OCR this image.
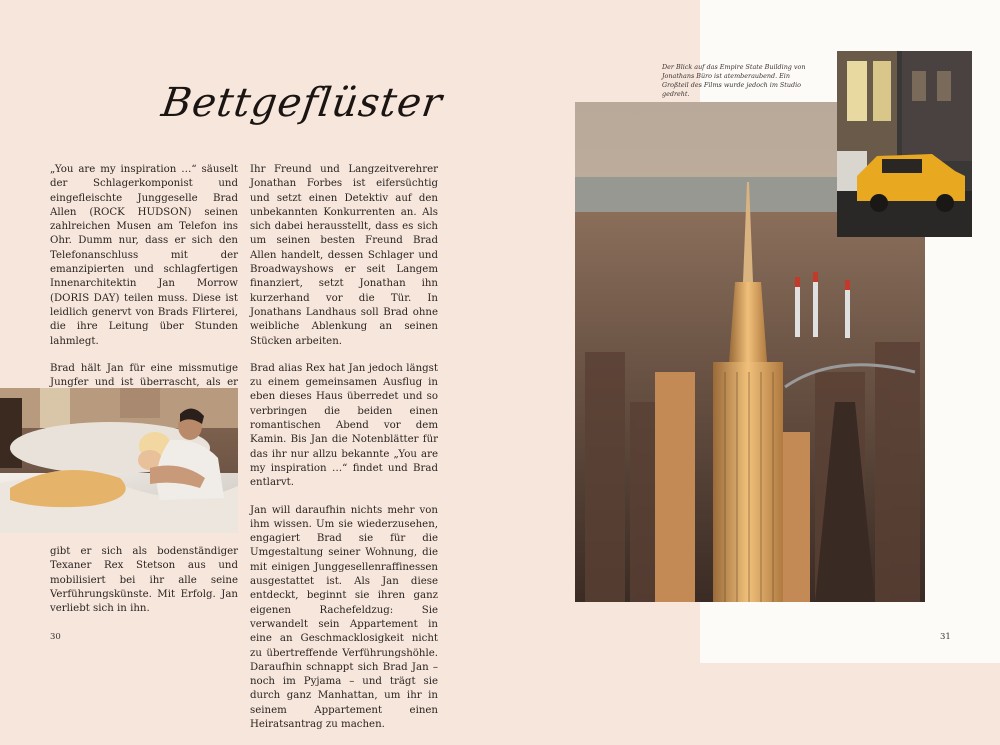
Bettgeflüster

„You are my inspiration …“ säuselt der Schlagerkomponist und eingefleischte Junggeselle Brad Allen (ROCK HUDSON) seinen zahlreichen Musen am Telefon ins Ohr. Dumm nur, dass er sich den Telefonanschluss mit der emanzipierten und schlagfertigen Innenarchitektin Jan Morrow (DORIS DAY) teilen muss. Diese ist leidlich genervt von Brads Flirterei, die ihre Leitung über Stunden lahmlegt.

Brad hält Jan für eine missmutige Jungfer und ist überrascht, als er

gibt er sich als bodenständiger Texaner Rex Stetson aus und mobilisiert bei ihr alle seine Verführungskünste. Mit Erfolg. Jan verliebt sich in ihn.

Ihr Freund und Langzeitverehrer Jonathan Forbes ist eifersüchtig und setzt einen Detektiv auf den unbekannten Konkurrenten an. Als sich dabei herausstellt, dass es sich um seinen besten Freund Brad Allen handelt, dessen Schlager und Broadwayshows er seit Langem finanziert, setzt Jonathan ihn kurzerhand vor die Tür. In Jonathans Landhaus soll Brad ohne weibliche Ablenkung an seinen Stücken arbeiten.

Brad alias Rex hat Jan jedoch längst zu einem gemeinsamen Ausflug in eben dieses Haus überredet und so verbringen die beiden einen romantischen Abend vor dem Kamin. Bis Jan die Notenblätter für das ihr nur allzu bekannte „You are my inspiration …“ findet und Brad entlarvt.

Jan will daraufhin nichts mehr von ihm wissen. Um sie wiederzusehen, engagiert Brad sie für die Umgestaltung seiner Wohnung, die mit einigen Junggesellenraffinessen ausgestattet ist. Als Jan diese entdeckt, beginnt sie ihren ganz eigenen Rachefeldzug: Sie verwandelt sein Appartement in eine an Geschmacklosigkeit nicht zu übertreffende Verführungshöhle. Daraufhin schnappt sich Brad Jan – noch im Pyjama – und trägt sie durch ganz Manhattan, um ihr in seinem Appartement einen Heiratsantrag zu machen.

Der Blick auf das Empire State Building von Jonathans Büro ist atemberaubend. Ein Großteil des Films wurde jedoch im Studio gedreht.
30	31
